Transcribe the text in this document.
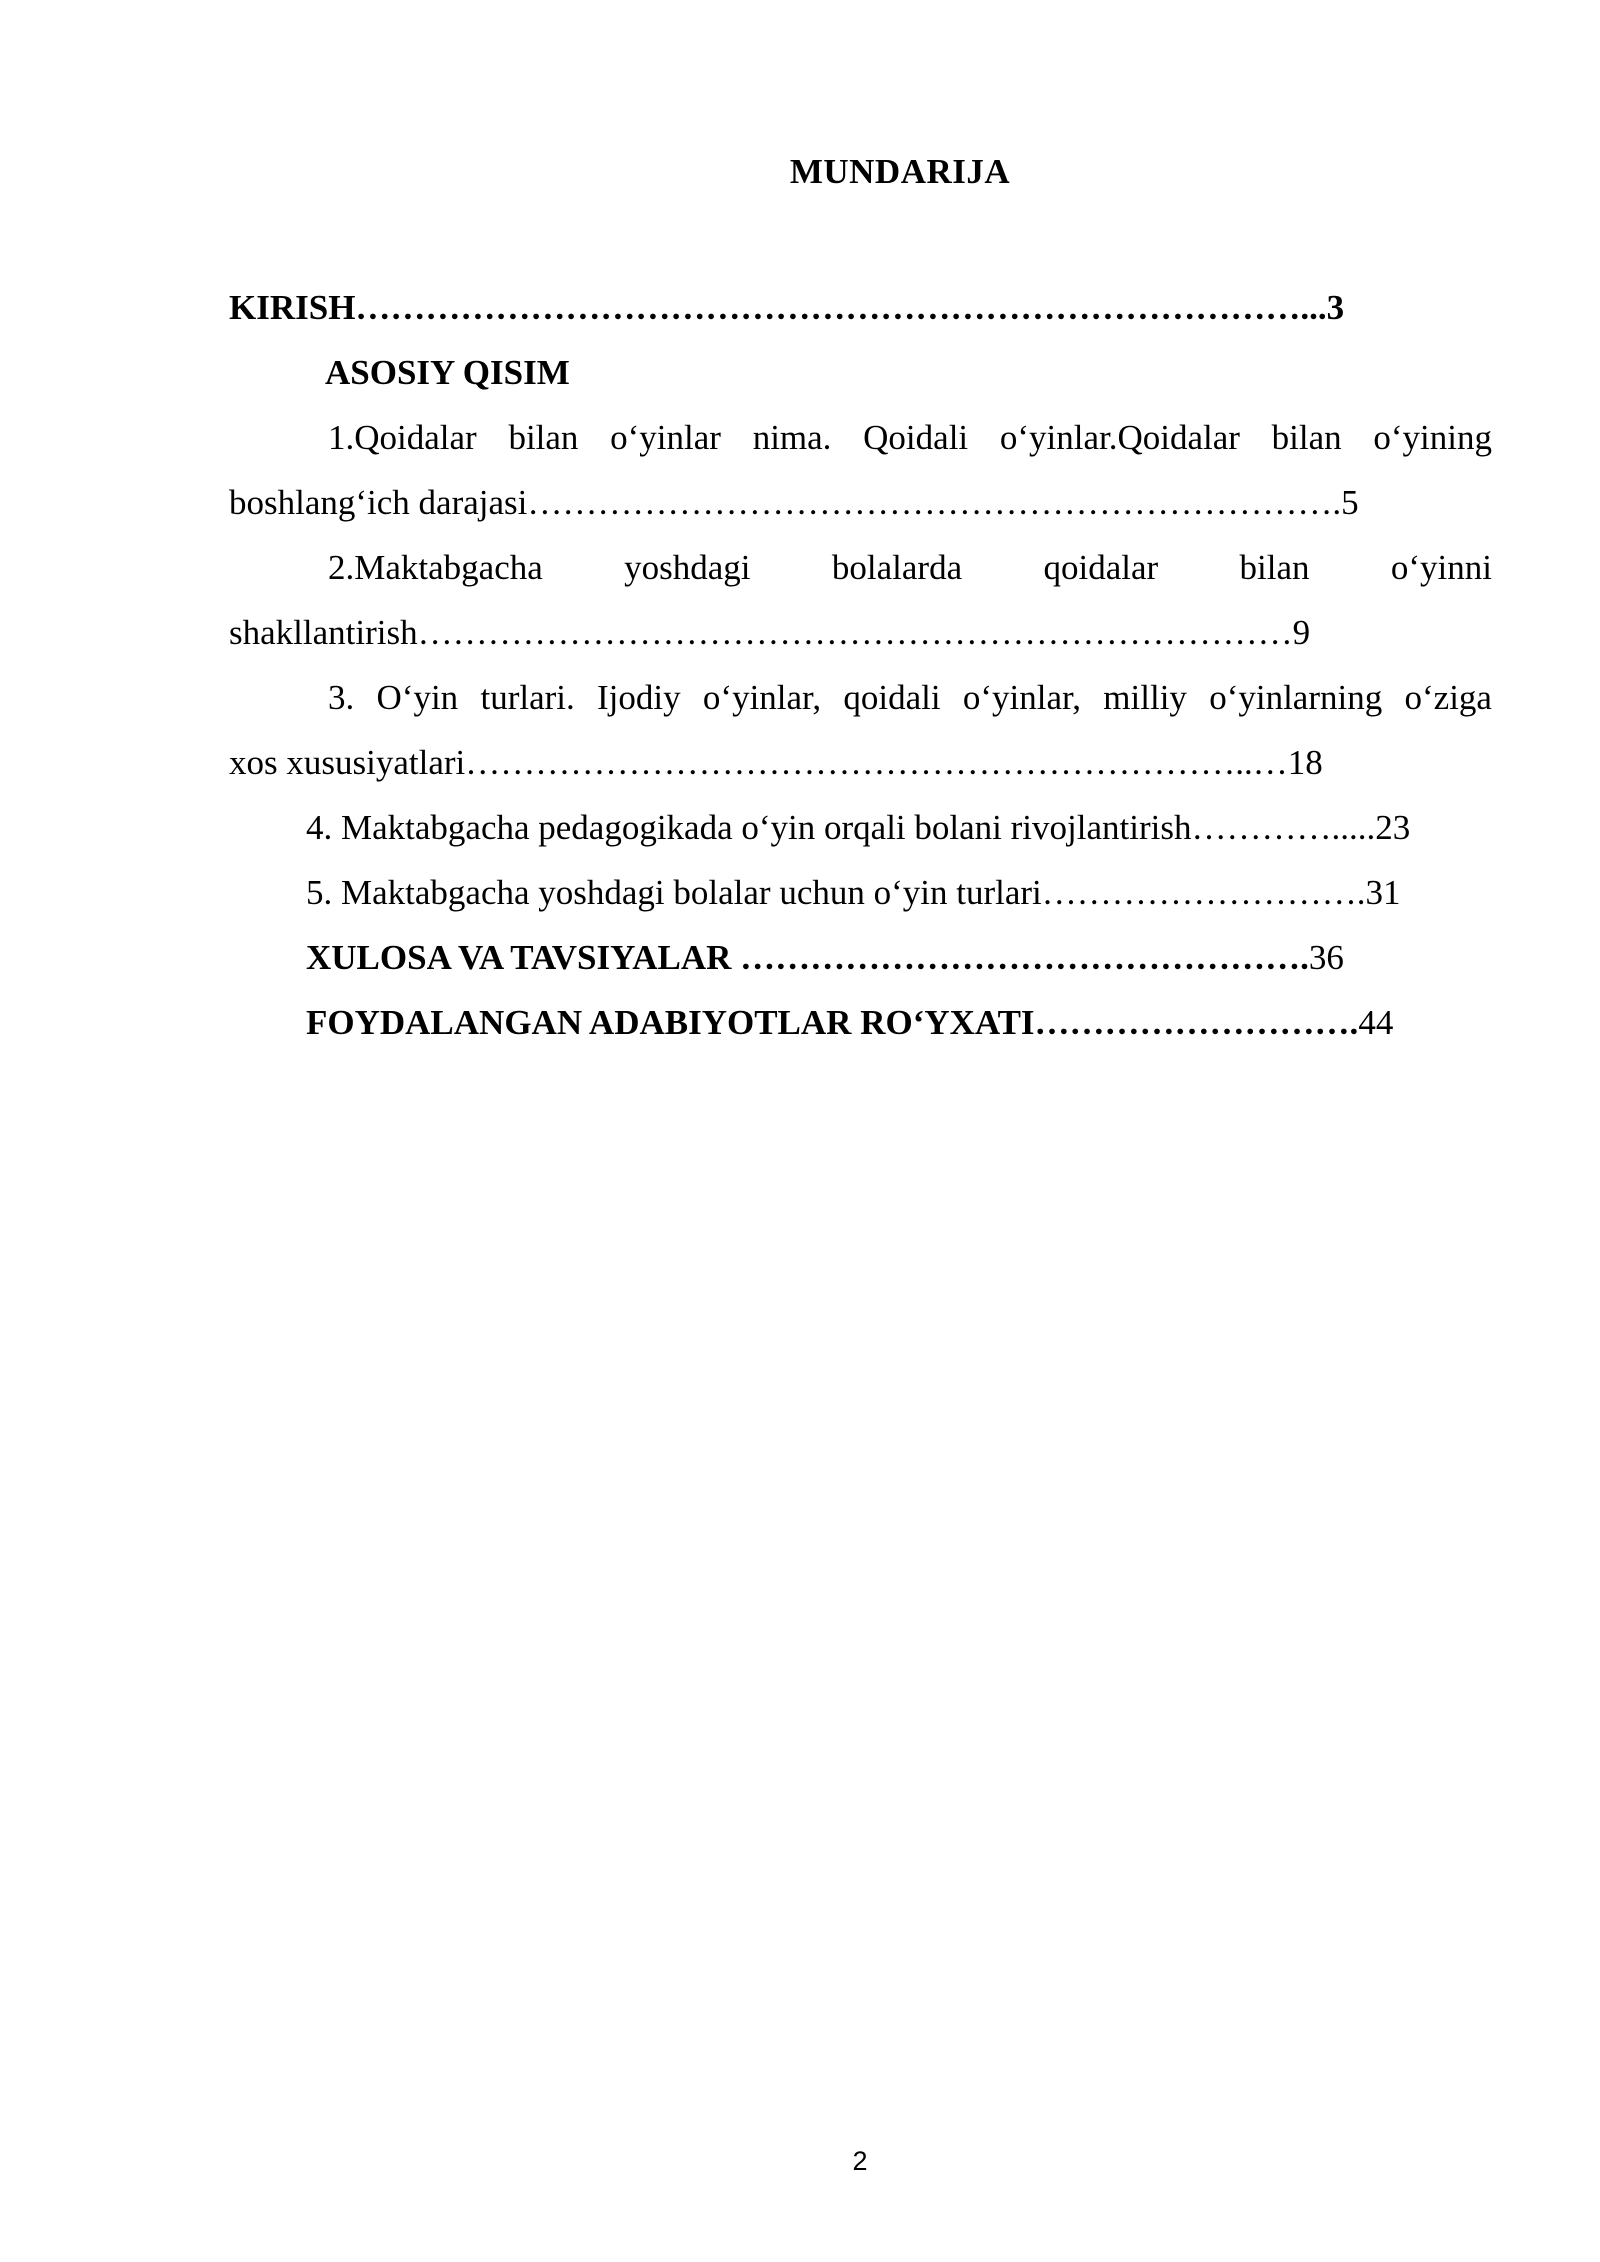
MUNDARIJA
KIRISH………………………………………………………………………...3
ASOSIY QISIM
1.Qoidalar bilan o‘yinlar nima. Qoidali o‘yinlar.Qoidalar bilan o‘yining
boshlang‘ich darajasi…………………………………………………………….5
2.Maktabgacha yoshdagi bolalarda qoidalar bilan o‘yinni
shakllantirish…………………………………………………………………9
3. O‘yin turlari. Ijodiy o‘yinlar, qoidali o‘yinlar, milliy o‘yinlarning o‘ziga
xos xususiyatlari…………………………………………………………..…18
4. Maktabgacha pedagogikada o‘yin orqali bolani rivojlantirish………….....23
5. Maktabgacha yoshdagi bolalar uchun o‘yin turlari……………………….31
XULOSA VA TAVSIYALAR ………………………………………….36
FOYDALANGAN ADABIYOTLAR RO‘YXATI……………………….44
2
